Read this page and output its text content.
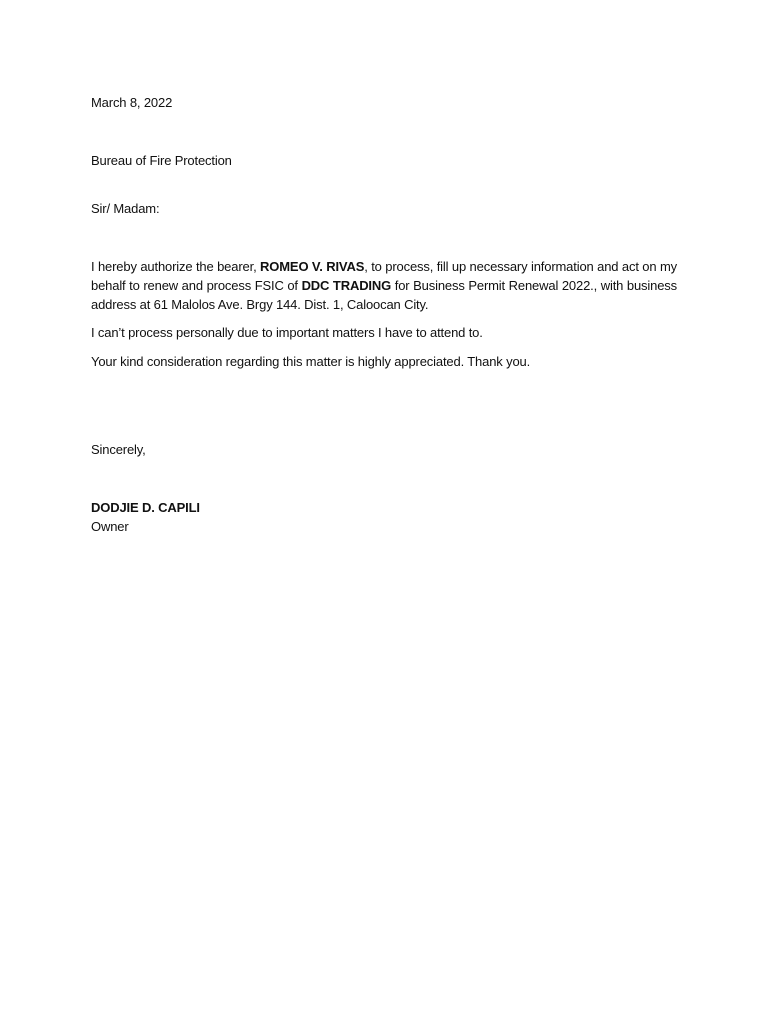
March 8, 2022
Bureau of Fire Protection
Sir/ Madam:
I hereby authorize the bearer, ROMEO V. RIVAS, to process, fill up necessary information and act on my behalf to renew and process FSIC of DDC TRADING for Business Permit Renewal 2022., with business address at 61 Malolos Ave. Brgy 144. Dist. 1, Caloocan City.
I can’t process personally due to important matters I have to attend to.
Your kind consideration regarding this matter is highly appreciated. Thank you.
Sincerely,
DODJIE D. CAPILI
Owner
